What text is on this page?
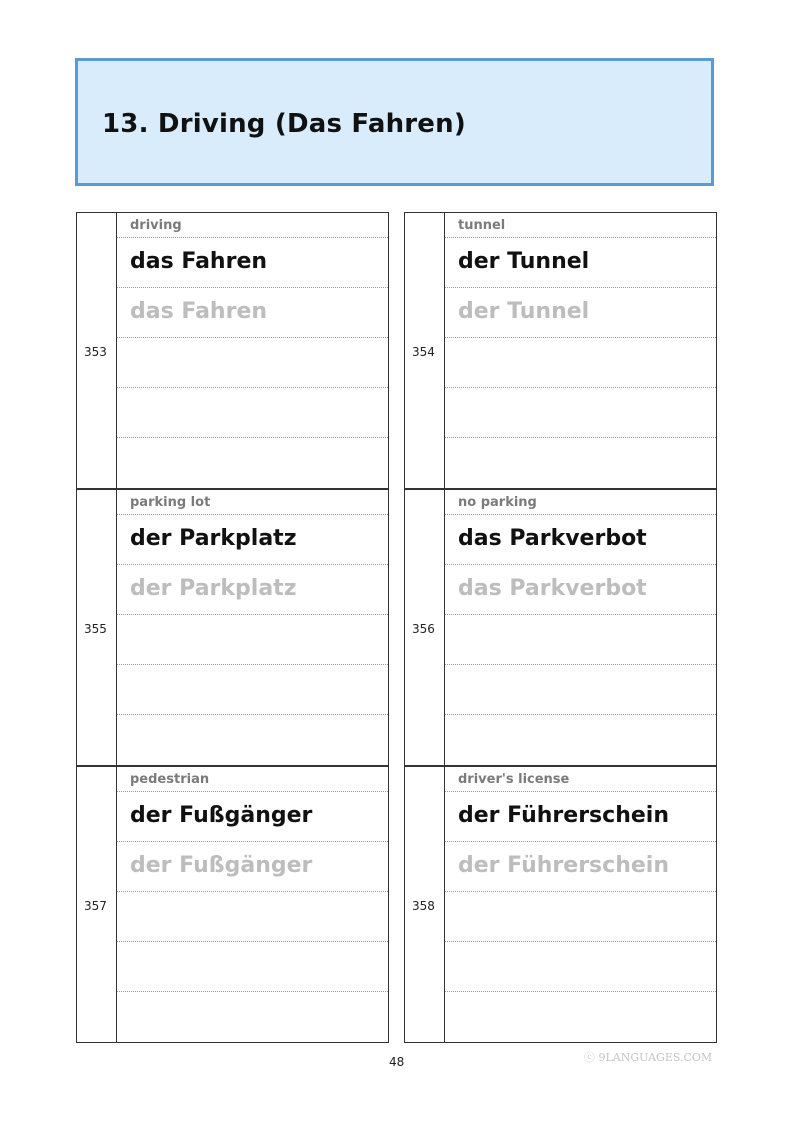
13. Driving (Das Fahren)
353
driving
das Fahren
das Fahren
354
tunnel
der Tunnel
der Tunnel
355
parking lot
der Parkplatz
der Parkplatz
356
no parking
das Parkverbot
das Parkverbot
357
pedestrian
der Fußgänger
der Fußgänger
358
driver's license
der Führerschein
der Führerschein
48	ⓒ 9LANGUAGES.COM
